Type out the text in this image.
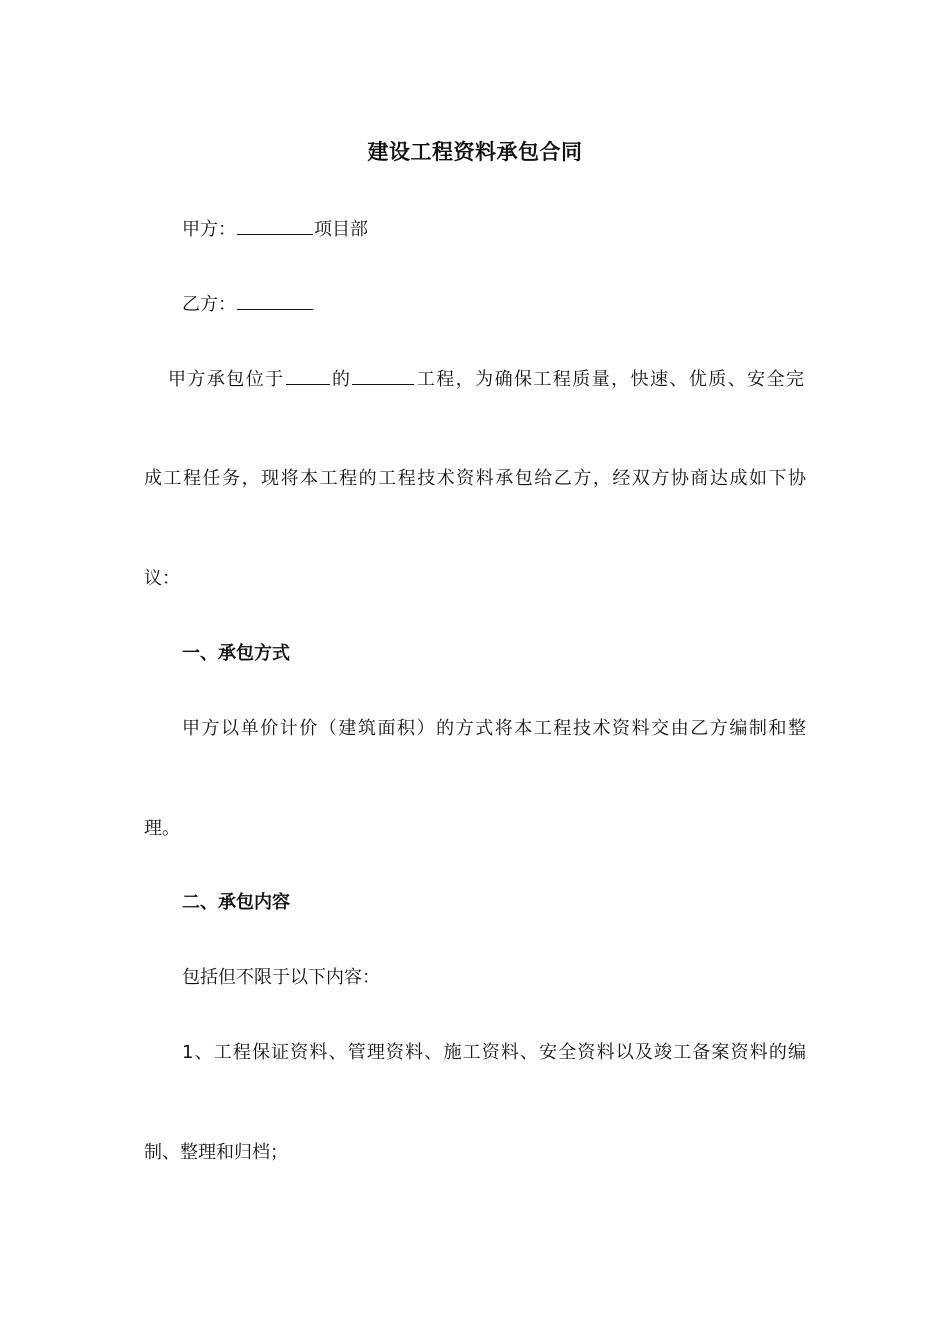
建设工程资料承包合同
甲方：	项目部
乙方：
甲方承包位于	的	工程，为确保工程质量，快速、优质、安全完
成工程任务，现将本工程的工程技术资料承包给乙方，经双方协商达成如下协
议：
一、承包方式
甲方以单价计价（建筑面积）的方式将本工程技术资料交由乙方编制和整
理。
二、承包内容
包括但不限于以下内容：
1、工程保证资料、管理资料、施工资料、安全资料以及竣工备案资料的编
制、整理和归档；
